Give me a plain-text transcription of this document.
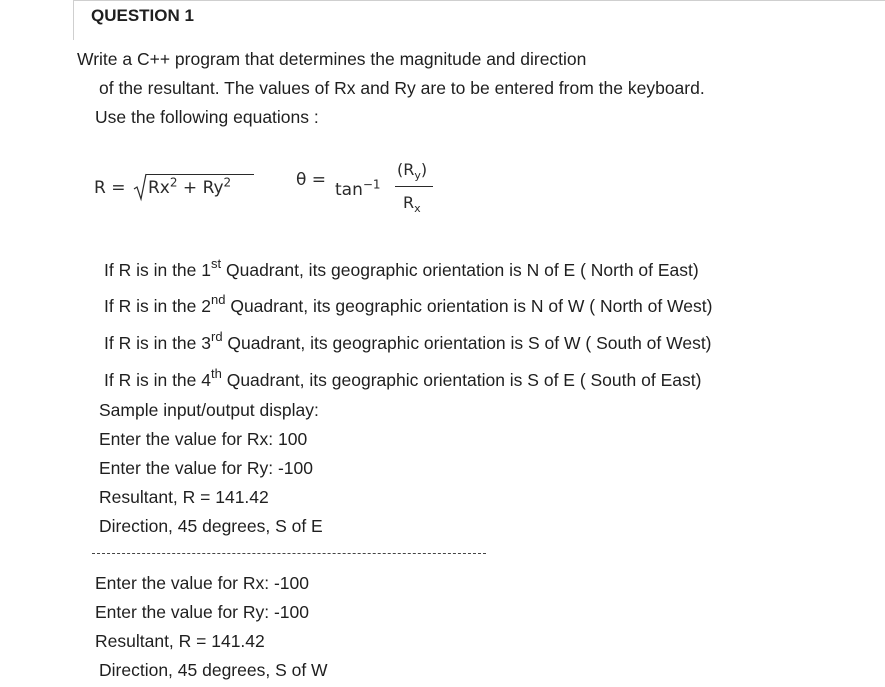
QUESTION 1
Write a C++ program that determines the magnitude and direction
of the resultant. The values of Rx and Ry are to be entered from the keyboard.
Use the following equations :
$R = Rx^2 + Ry^2$	$\theta = \tan^{-1}$
$(R_y)$
$R_x$
If R is in the 1st Quadrant, its geographic orientation is N of E ( North of East)
If R is in the 2nd Quadrant, its geographic orientation is N of W ( North of West)
If R is in the 3rd Quadrant, its geographic orientation is S of W ( South of West)
If R is in the 4th Quadrant, its geographic orientation is S of E ( South of East)
Sample input/output display:
Enter the value for Rx: 100
Enter the value for Ry: -100
Resultant, R = 141.42
Direction, 45 degrees, S of E
Enter the value for Rx: -100
Enter the value for Ry: -100
Resultant, R = 141.42
Direction, 45 degrees, S of W
